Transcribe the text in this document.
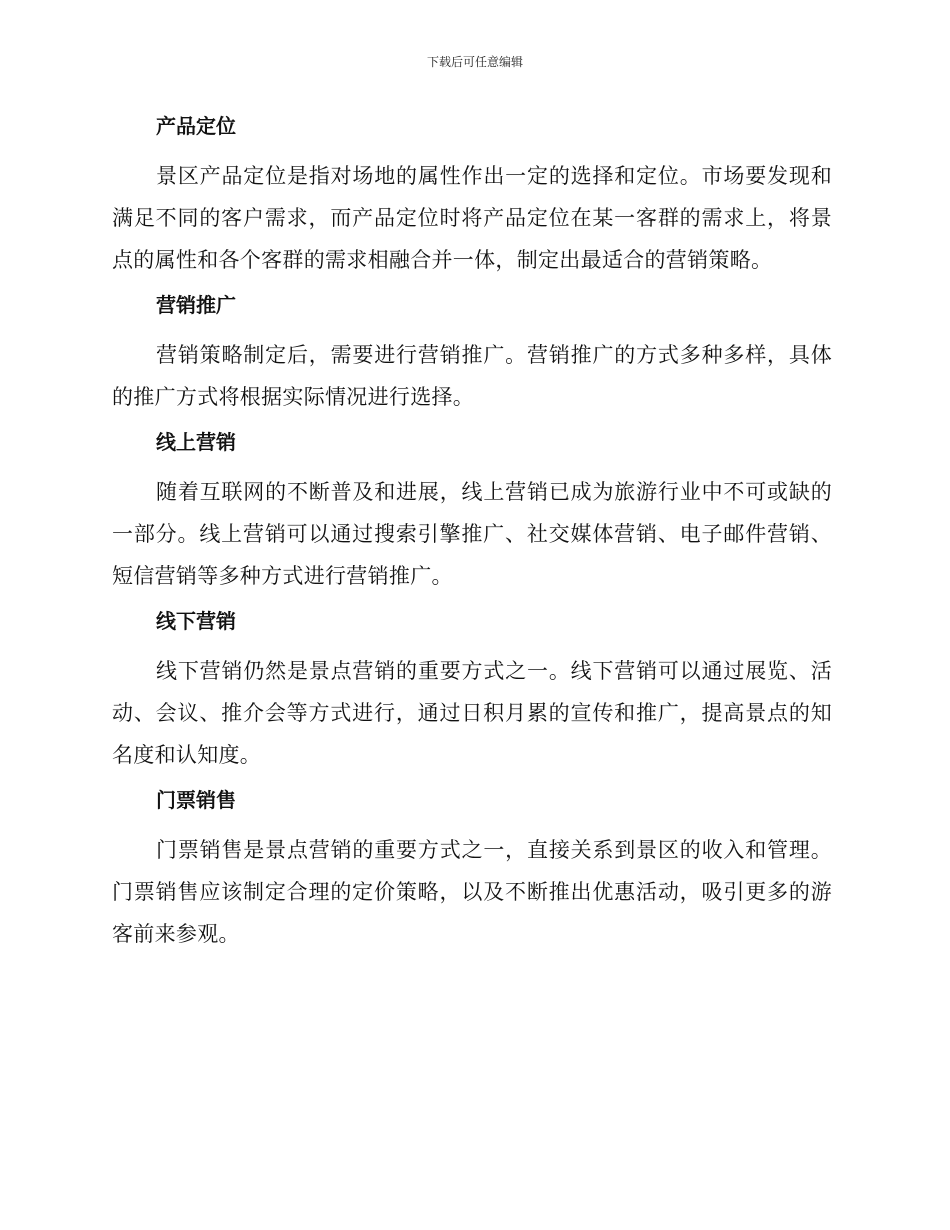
下载后可任意编辑
产品定位
景区产品定位是指对场地的属性作出一定的选择和定位。市场要发现和满足不同的客户需求，而产品定位时将产品定位在某一客群的需求上，将景点的属性和各个客群的需求相融合并一体，制定出最适合的营销策略。
营销推广
营销策略制定后，需要进行营销推广。营销推广的方式多种多样，具体的推广方式将根据实际情况进行选择。
线上营销
随着互联网的不断普及和进展，线上营销已成为旅游行业中不可或缺的一部分。线上营销可以通过搜索引擎推广、社交媒体营销、电子邮件营销、短信营销等多种方式进行营销推广。
线下营销
线下营销仍然是景点营销的重要方式之一。线下营销可以通过展览、活动、会议、推介会等方式进行，通过日积月累的宣传和推广，提高景点的知名度和认知度。
门票销售
门票销售是景点营销的重要方式之一，直接关系到景区的收入和管理。门票销售应该制定合理的定价策略，以及不断推出优惠活动，吸引更多的游客前来参观。
